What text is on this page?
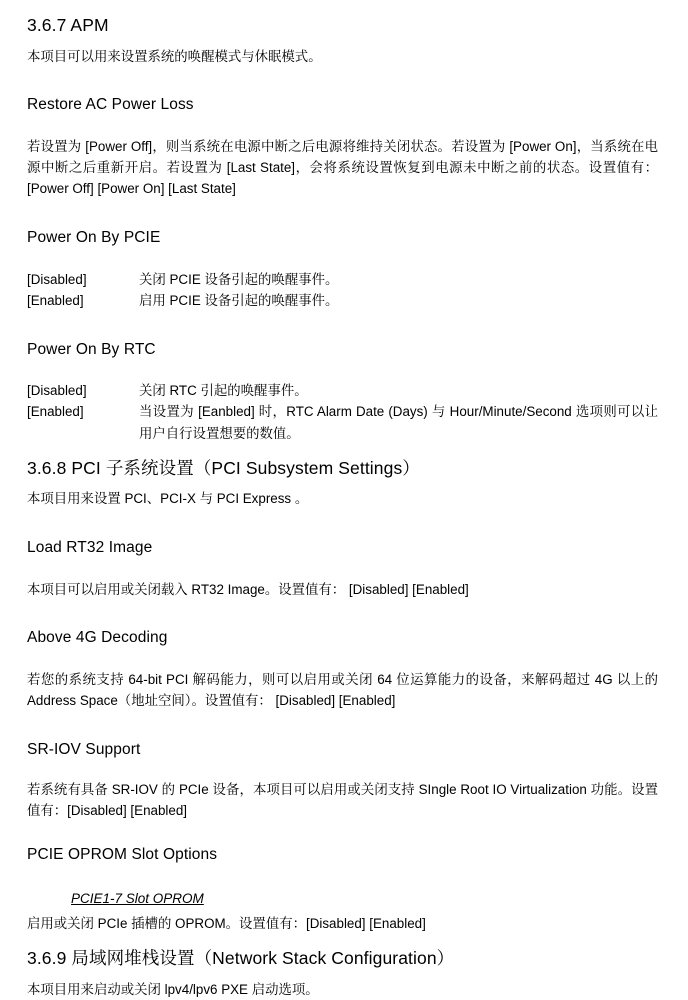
3.6.7 APM

本项目可以用来设置系统的唤醒模式与休眠模式。

Restore AC Power Loss

若设置为 [Power Off]，则当系统在电源中断之后电源将维持关闭状态。若设置为 [Power On]，当系统在电源中断之后重新开启。若设置为 [Last State]，会将系统设置恢复到电源未中断之前的状态。设置值有：[Power Off] [Power On] [Last State]

Power On By PCIE
[Disabled]	关闭 PCIE 设备引起的唤醒事件。
[Enabled]	启用 PCIE 设备引起的唤醒事件。
Power On By RTC
[Disabled]	关闭 RTC 引起的唤醒事件。
[Enabled]	当设置为 [Eanbled] 时，RTC Alarm Date (Days) 与 Hour/Minute/Second 选项则可以让用户自行设置想要的数值。
3.6.8 PCI 子系统设置（PCI Subsystem Settings）

本项目用来设置 PCI、PCI-X 与 PCI Express 。

Load RT32 Image

本项目可以启用或关闭载入 RT32 Image。设置值有： [Disabled] [Enabled]

Above 4G Decoding

若您的系统支持 64-bit PCI 解码能力，则可以启用或关闭 64 位运算能力的设备，来解码超过 4G 以上的 Address Space（地址空间）。设置值有： [Disabled] [Enabled]

SR-IOV Support

若系统有具备 SR-IOV 的 PCIe 设备，本项目可以启用或关闭支持 SIngle Root IO Virtualization 功能。设置值有：[Disabled] [Enabled]

PCIE OPROM Slot Options
PCIE1-7 Slot OPROM

启用或关闭 PCIe 插槽的 OPROM。设置值有：[Disabled] [Enabled]

3.6.9 局域网堆栈设置（Network Stack Configuration）

本项目用来启动或关闭 lpv4/lpv6 PXE 启动选项。
